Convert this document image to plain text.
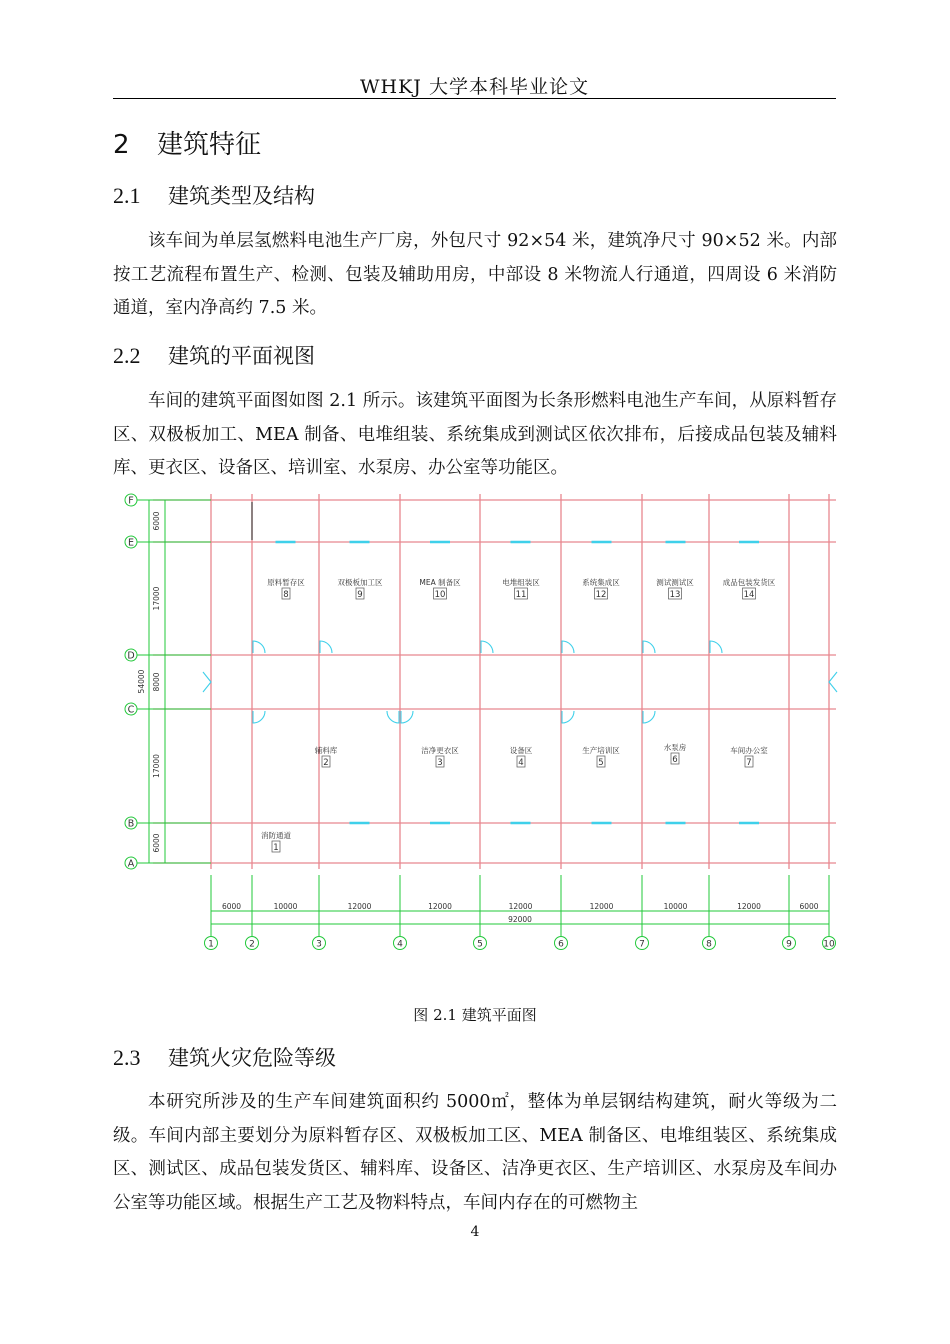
WHKJ 大学本科毕业论文
2 建筑特征
2.1 建筑类型及结构

该车间为单层氢燃料电池生产厂房，外包尺寸 92×54 米，建筑净尺寸 90×52 米。内部按工艺流程布置生产、检测、包装及辅助用房，中部设 8 米物流人行通道，四周设 6 米消防通道，室内净高约 7.5 米。

2.2 建筑的平面视图

车间的建筑平面图如图 2.1 所示。该建筑平面图为长条形燃料电池生产车间，从原料暂存区、双极板加工、MEA 制备、电堆组装、系统集成到测试区依次排布，后接成品包装及辅料库、更衣区、设备区、培训室、水泵房、办公室等功能区。

F
E
D
C
B
A
6000
17000
8000
17000
6000
54000
6000	10000	12000	12000	12000	12000	10000	12000	6000
92000
1	2	3	4	5	6	7	8	9	10
原料暂存区
8
双极板加工区
9
MEA 制备区
10
电堆组装区
11
系统集成区
12
测试测试区
13
成品包装发货区
14
辅料库
2
洁净更衣区
3
设备区
4
生产培训区
5
水泵房
6
车间办公室
7
消防通道
1
图 2.1 建筑平面图
2.3 建筑火灾危险等级

本研究所涉及的生产车间建筑面积约 5000㎡，整体为单层钢结构建筑，耐火等级为二级。车间内部主要划分为原料暂存区、双极板加工区、MEA 制备区、电堆组装区、系统集成区、测试区、成品包装发货区、辅料库、设备区、洁净更衣区、生产培训区、水泵房及车间办公室等功能区域。根据生产工艺及物料特点，车间内存在的可燃物主

4
